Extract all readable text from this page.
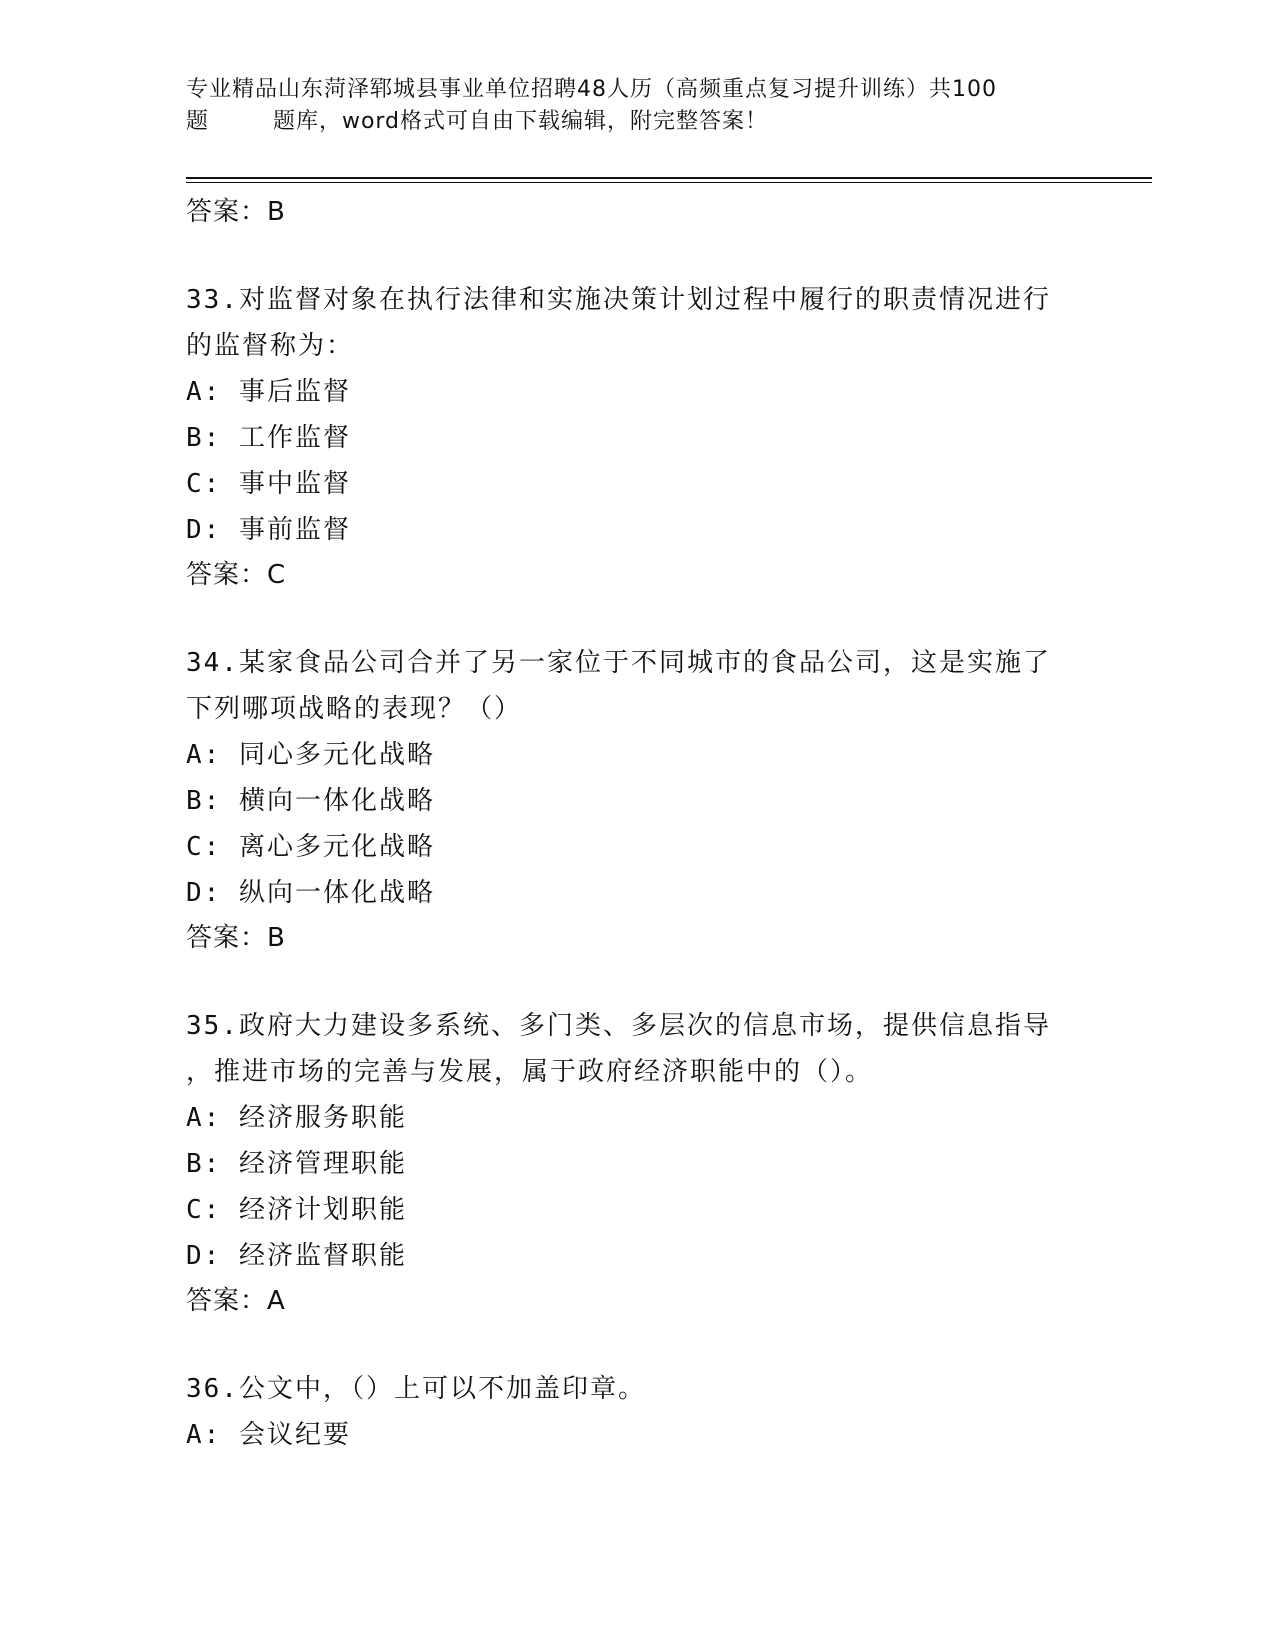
专业精品山东菏泽郓城县事业单位招聘48人历（高频重点复习提升训练）共100
题        题库，word格式可自由下载编辑，附完整答案！
答案：B
33.对监督对象在执行法律和实施决策计划过程中履行的职责情况进行
的监督称为：
A: 事后监督
B: 工作监督
C: 事中监督
D: 事前监督
答案：C
34.某家食品公司合并了另一家位于不同城市的食品公司，这是实施了
下列哪项战略的表现？（）
A: 同心多元化战略
B: 横向一体化战略
C: 离心多元化战略
D: 纵向一体化战略
答案：B
35.政府大力建设多系统、多门类、多层次的信息市场，提供信息指导
，推进市场的完善与发展，属于政府经济职能中的（）。
A: 经济服务职能
B: 经济管理职能
C: 经济计划职能
D: 经济监督职能
答案：A
36.公文中，（）上可以不加盖印章。
A: 会议纪要
